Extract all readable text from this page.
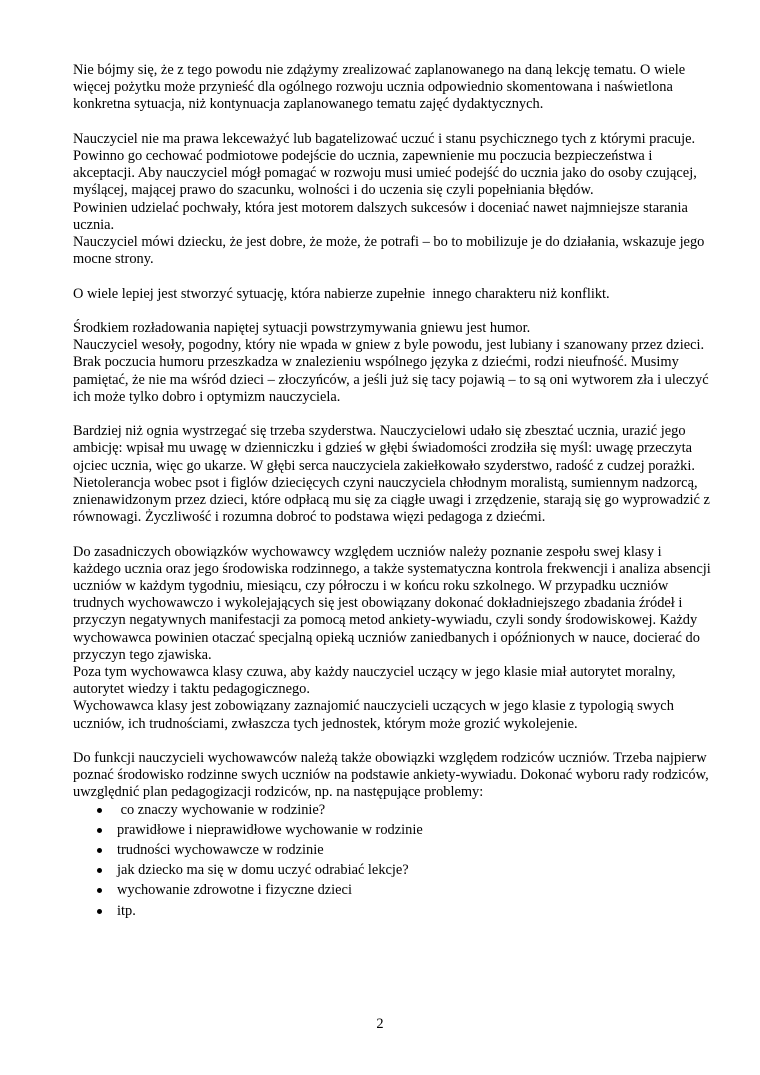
Nie bójmy się, że z tego powodu nie zdążymy zrealizować zaplanowanego na daną lekcję tematu. O wiele więcej pożytku może przynieść dla ogólnego rozwoju ucznia odpowiednio skomentowana i naświetlona konkretna sytuacja, niż kontynuacja zaplanowanego tematu zajęć dydaktycznych.

Nauczyciel nie ma prawa lekceważyć lub bagatelizować uczuć i stanu psychicznego tych z którymi pracuje. Powinno go cechować podmiotowe podejście do ucznia, zapewnienie mu poczucia bezpieczeństwa i akceptacji. Aby nauczyciel mógł pomagać w rozwoju musi umieć podejść do ucznia jako do osoby czującej, myślącej, mającej prawo do szacunku, wolności i do uczenia się czyli popełniania błędów.

Powinien udzielać pochwały, która jest motorem dalszych sukcesów i doceniać nawet najmniejsze starania ucznia.

Nauczyciel mówi dziecku, że jest dobre, że może, że potrafi – bo to mobilizuje je do działania, wskazuje jego mocne strony.

O wiele lepiej jest stworzyć sytuację, która nabierze zupełnie  innego charakteru niż konflikt.

Środkiem rozładowania napiętej sytuacji powstrzymywania gniewu jest humor.

Nauczyciel wesoły, pogodny, który nie wpada w gniew z byle powodu, jest lubiany i szanowany przez dzieci. Brak poczucia humoru przeszkadza w znalezieniu wspólnego języka z dziećmi, rodzi nieufność. Musimy pamiętać, że nie ma wśród dzieci – złoczyńców, a jeśli już się tacy pojawią – to są oni wytworem zła i uleczyć ich może tylko dobro i optymizm nauczyciela.

Bardziej niż ognia wystrzegać się trzeba szyderstwa. Nauczycielowi udało się zbesztać ucznia, urazić jego ambicję: wpisał mu uwagę w dzienniczku i gdzieś w głębi świadomości zrodziła się myśl: uwagę przeczyta ojciec ucznia, więc go ukarze. W głębi serca nauczyciela zakiełkowało szyderstwo, radość z cudzej porażki.

Nietolerancja wobec psot i figlów dziecięcych czyni nauczyciela chłodnym moralistą, sumiennym nadzorcą, znienawidzonym przez dzieci, które odpłacą mu się za ciągłe uwagi i zrzędzenie, starają się go wyprowadzić z równowagi. Życzliwość i rozumna dobroć to podstawa więzi pedagoga z dziećmi.

Do zasadniczych obowiązków wychowawcy względem uczniów należy poznanie zespołu swej klasy i każdego ucznia oraz jego środowiska rodzinnego, a także systematyczna kontrola frekwencji i analiza absencji uczniów w każdym tygodniu, miesiącu, czy półroczu i w końcu roku szkolnego. W przypadku uczniów trudnych wychowawczo i wykolejających się jest obowiązany dokonać dokładniejszego zbadania źródeł i przyczyn negatywnych manifestacji za pomocą metod ankiety-wywiadu, czyli sondy środowiskowej. Każdy wychowawca powinien otaczać specjalną opieką uczniów zaniedbanych i opóźnionych w nauce, docierać do przyczyn tego zjawiska.

Poza tym wychowawca klasy czuwa, aby każdy nauczyciel uczący w jego klasie miał autorytet moralny, autorytet wiedzy i taktu pedagogicznego.

Wychowawca klasy jest zobowiązany zaznajomić nauczycieli uczących w jego klasie z typologią swych uczniów, ich trudnościami, zwłaszcza tych jednostek, którym może grozić wykolejenie.

Do funkcji nauczycieli wychowawców należą także obowiązki względem rodziców uczniów. Trzeba najpierw poznać środowisko rodzinne swych uczniów na podstawie ankiety-wywiadu. Dokonać wyboru rady rodziców, uwzględnić plan pedagogizacji rodziców, np. na następujące problemy:

co znaczy wychowanie w rodzinie?
prawidłowe i nieprawidłowe wychowanie w rodzinie
trudności wychowawcze w rodzinie
jak dziecko ma się w domu uczyć odrabiać lekcje?
wychowanie zdrowotne i fizyczne dzieci
itp.
2
